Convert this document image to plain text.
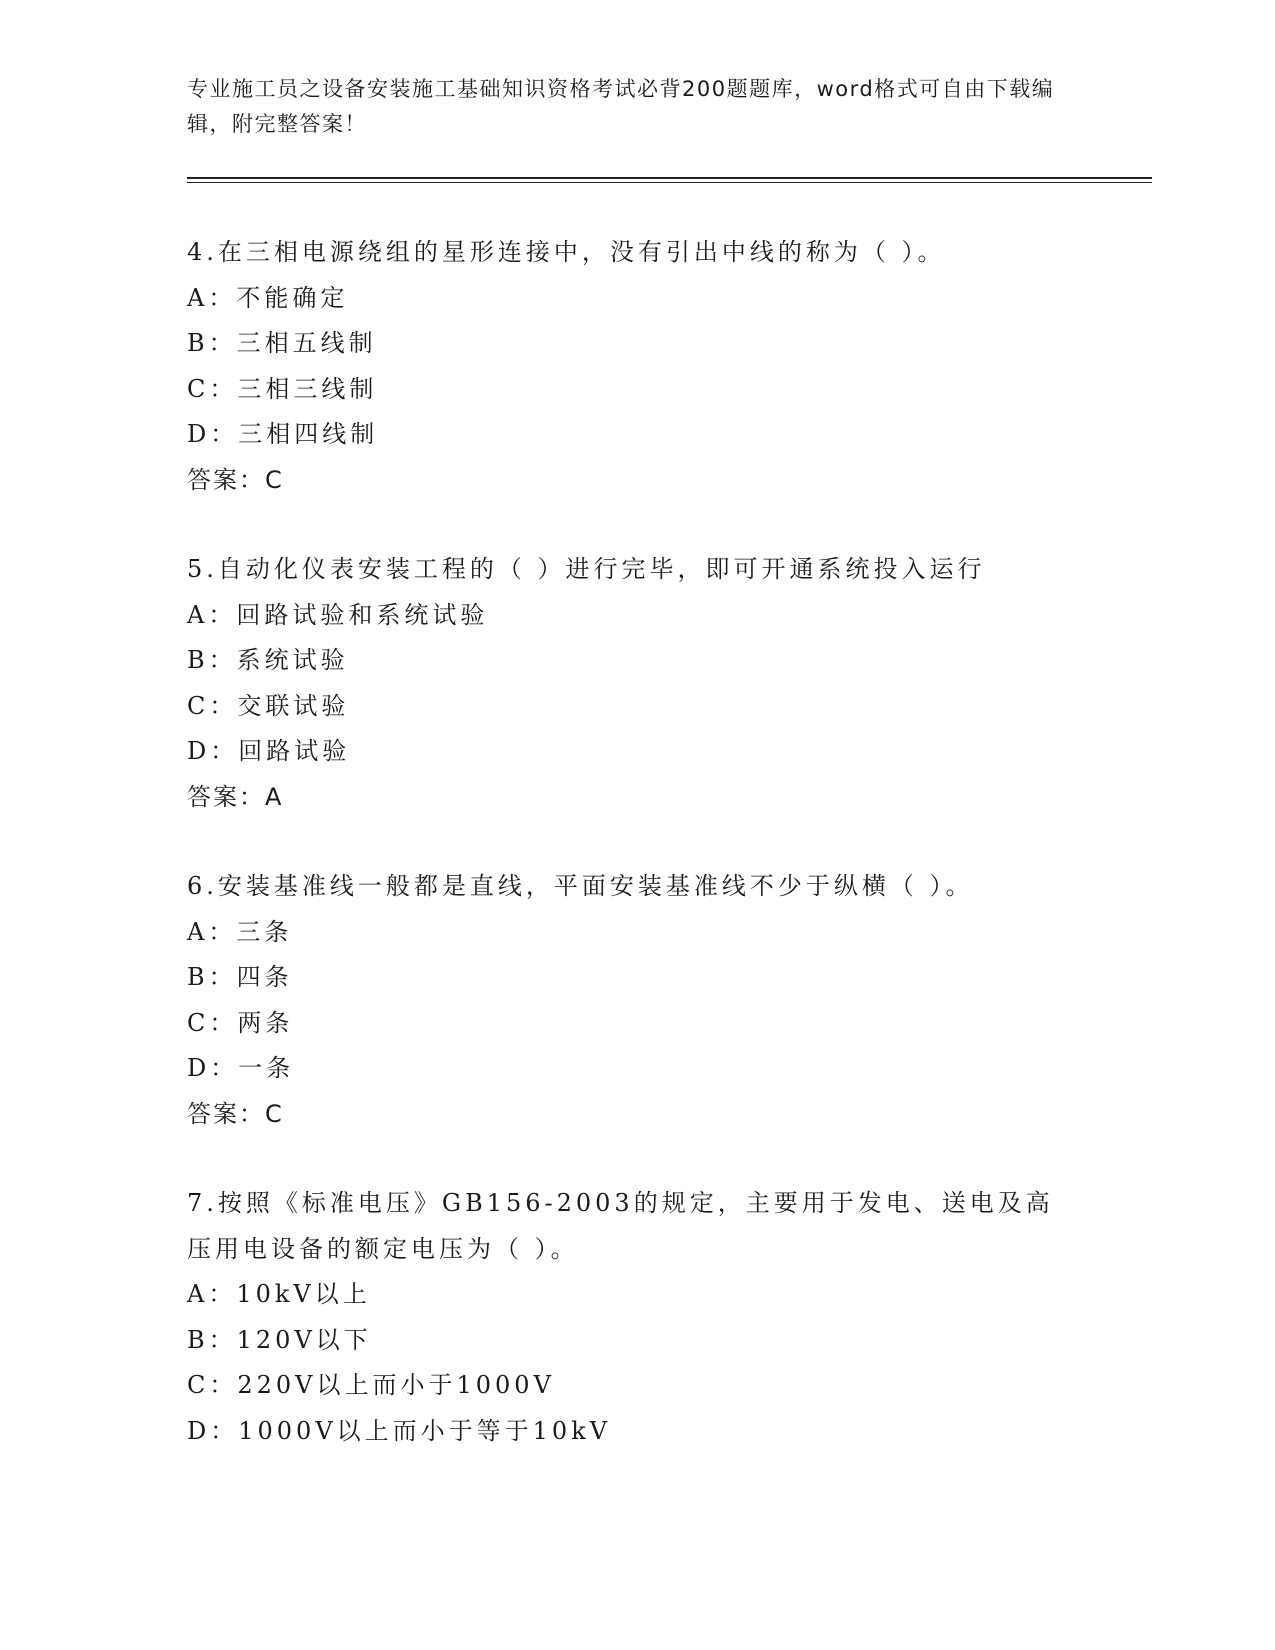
专业施工员之设备安装施工基础知识资格考试必背200题题库，word格式可自由下载编辑，附完整答案！
4.在三相电源绕组的星形连接中，没有引出中线的称为（ ）。
A：不能确定
B：三相五线制
C：三相三线制
D：三相四线制
答案：C
5.自动化仪表安装工程的（ ）进行完毕，即可开通系统投入运行
A：回路试验和系统试验
B：系统试验
C：交联试验
D：回路试验
答案：A
6.安装基准线一般都是直线，平面安装基准线不少于纵横（ ）。
A：三条
B：四条
C：两条
D：一条
答案：C
7.按照《标准电压》GB156-2003的规定，主要用于发电、送电及高压用电设备的额定电压为（ ）。
A：10kV以上
B：120V以下
C：220V以上而小于1000V
D：1000V以上而小于等于10kV
